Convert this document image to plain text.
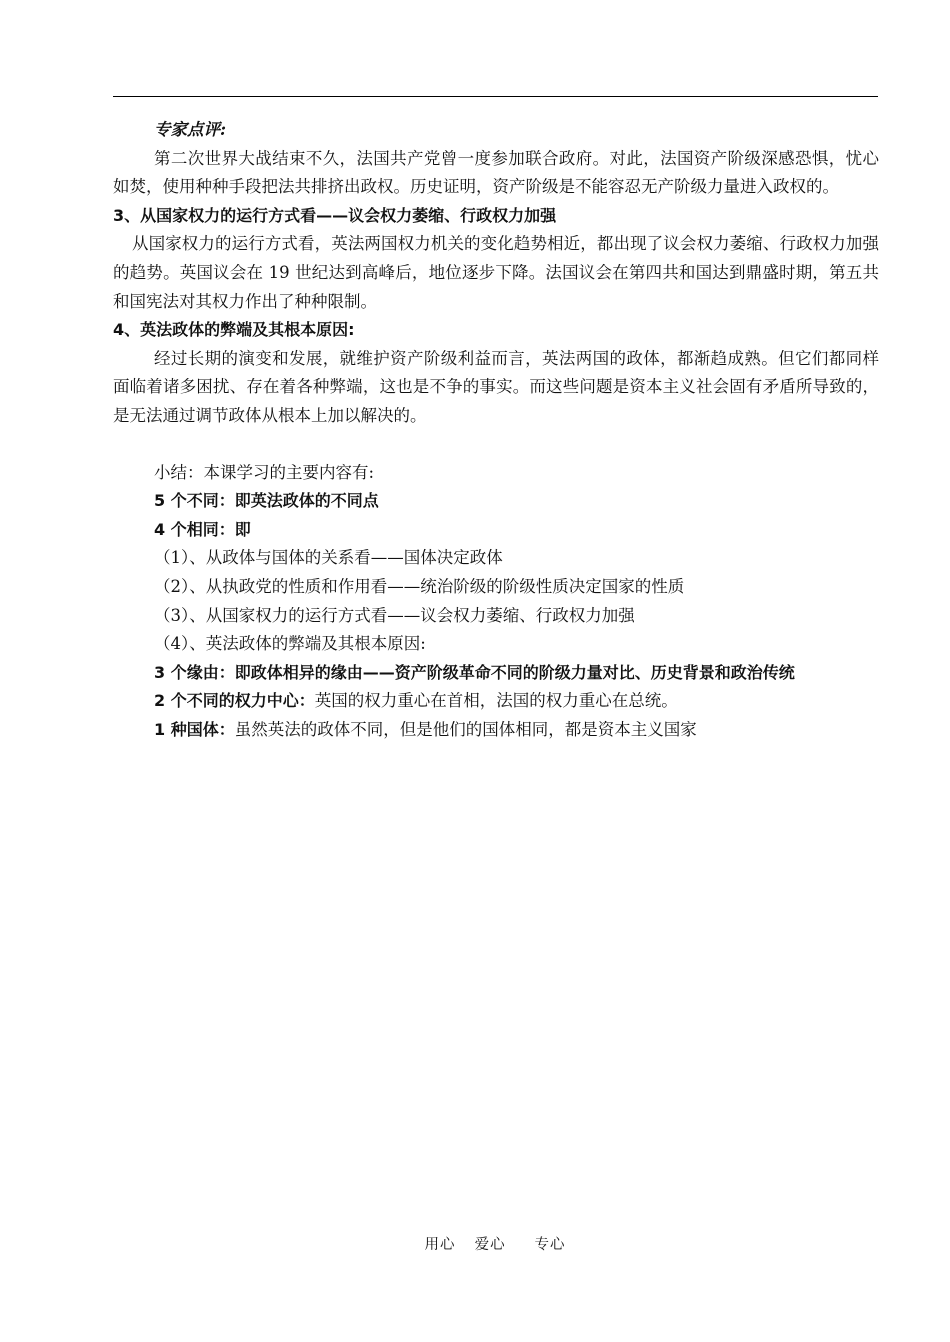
专家点评:

第二次世界大战结束不久，法国共产党曾一度参加联合政府。对此，法国资产阶级深感恐惧，忧心如焚，使用种种手段把法共排挤出政权。历史证明，资产阶级是不能容忍无产阶级力量进入政权的。

3、从国家权力的运行方式看——议会权力萎缩、行政权力加强

从国家权力的运行方式看，英法两国权力机关的变化趋势相近，都出现了议会权力萎缩、行政权力加强的趋势。英国议会在 19 世纪达到高峰后，地位逐步下降。法国议会在第四共和国达到鼎盛时期，第五共和国宪法对其权力作出了种种限制。

4、英法政体的弊端及其根本原因:

经过长期的演变和发展，就维护资产阶级利益而言，英法两国的政体，都渐趋成熟。但它们都同样面临着诸多困扰、存在着各种弊端，这也是不争的事实。而这些问题是资本主义社会固有矛盾所导致的，是无法通过调节政体从根本上加以解决的。

小结：本课学习的主要内容有:

5 个不同：即英法政体的不同点

4 个相同：即

（1）、从政体与国体的关系看——国体决定政体

（2）、从执政党的性质和作用看——统治阶级的阶级性质决定国家的性质

（3）、从国家权力的运行方式看——议会权力萎缩、行政权力加强

（4）、英法政体的弊端及其根本原因:

3 个缘由：即政体相异的缘由——资产阶级革命不同的阶级力量对比、历史背景和政治传统

2 个不同的权力中心：英国的权力重心在首相，法国的权力重心在总统。

1 种国体：虽然英法的政体不同，但是他们的国体相同，都是资本主义国家

用心  爱心   专心
